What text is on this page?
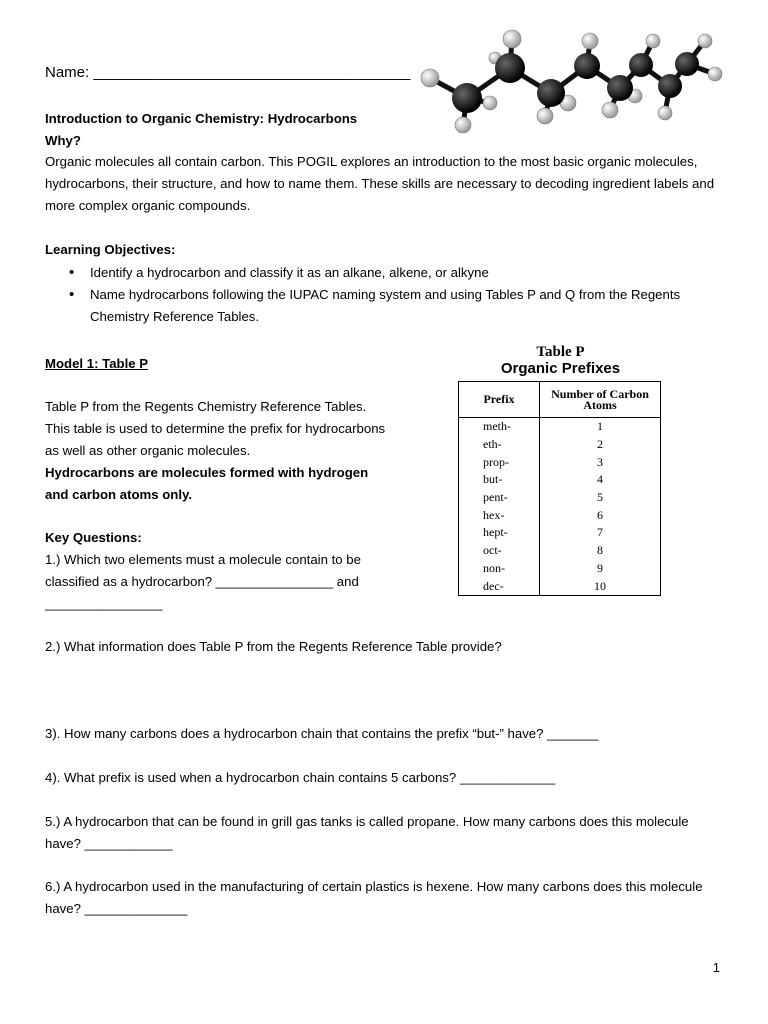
Name: ______________________________________
Introduction to Organic Chemistry: Hydrocarbons
Why?
Organic molecules all contain carbon. This POGIL explores an introduction to the most basic organic molecules, hydrocarbons, their structure, and how to name them. These skills are necessary to decoding ingredient labels and more complex organic compounds.
Learning Objectives:
• Identify a hydrocarbon and classify it as an alkane, alkene, or alkyne
• Name hydrocarbons following the IUPAC naming system and using Tables P and Q from the Regents Chemistry Reference Tables.
Model 1: Table P
Table P from the Regents Chemistry Reference Tables. This table is used to determine the prefix for hydrocarbons as well as other organic molecules.
Hydrocarbons are molecules formed with hydrogen and carbon atoms only.
Key Questions:
1.) Which two elements must a molecule contain to be classified as a hydrocarbon? ________________ and ________________
Table P
Organic Prefixes
Prefix	Number of Carbon Atoms
meth-	1
eth-	2
prop-	3
but-	4
pent-	5
hex-	6
hept-	7
oct-	8
non-	9
dec-	10
2.) What information does Table P from the Regents Reference Table provide?
3). How many carbons does a hydrocarbon chain that contains the prefix “but-” have? _______
4). What prefix is used when a hydrocarbon chain contains 5 carbons? _____________
5.) A hydrocarbon that can be found in grill gas tanks is called propane. How many carbons does this molecule have? ____________
6.) A hydrocarbon used in the manufacturing of certain plastics is hexene. How many carbons does this molecule have? ______________
1
